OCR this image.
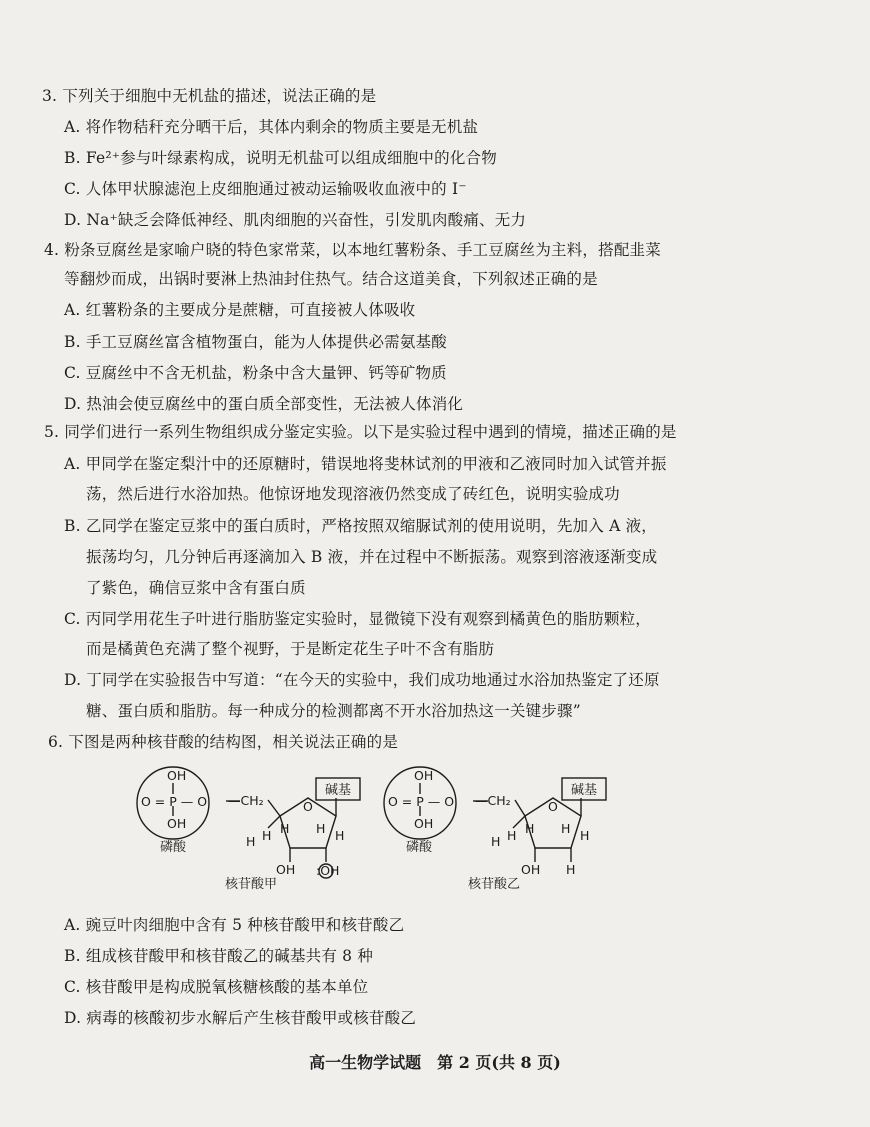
3. 下列关于细胞中无机盐的描述，说法正确的是
A. 将作物秸秆充分晒干后，其体内剩余的物质主要是无机盐
B. Fe²⁺参与叶绿素构成，说明无机盐可以组成细胞中的化合物
C. 人体甲状腺滤泡上皮细胞通过被动运输吸收血液中的 I⁻
D. Na⁺缺乏会降低神经、肌肉细胞的兴奋性，引发肌肉酸痛、无力
4. 粉条豆腐丝是家喻户晓的特色家常菜，以本地红薯粉条、手工豆腐丝为主料，搭配韭菜
等翻炒而成，出锅时要淋上热油封住热气。结合这道美食，下列叙述正确的是
A. 红薯粉条的主要成分是蔗糖，可直接被人体吸收
B. 手工豆腐丝富含植物蛋白，能为人体提供必需氨基酸
C. 豆腐丝中不含无机盐，粉条中含大量钾、钙等矿物质
D. 热油会使豆腐丝中的蛋白质全部变性，无法被人体消化
5. 同学们进行一系列生物组织成分鉴定实验。以下是实验过程中遇到的情境，描述正确的是
A. 甲同学在鉴定梨汁中的还原糖时，错误地将斐林试剂的甲液和乙液同时加入试管并振
荡，然后进行水浴加热。他惊讶地发现溶液仍然变成了砖红色，说明实验成功
B. 乙同学在鉴定豆浆中的蛋白质时，严格按照双缩脲试剂的使用说明，先加入 A 液，
振荡均匀，几分钟后再逐滴加入 B 液，并在过程中不断振荡。观察到溶液逐渐变成
了紫色，确信豆浆中含有蛋白质
C. 丙同学用花生子叶进行脂肪鉴定实验时，显微镜下没有观察到橘黄色的脂肪颗粒，
而是橘黄色充满了整个视野，于是断定花生子叶不含有脂肪
D. 丁同学在实验报告中写道：“在今天的实验中，我们成功地通过水浴加热鉴定了还原
糖、蛋白质和脂肪。每一种成分的检测都离不开水浴加热这一关键步骤”
6. 下图是两种核苷酸的结构图，相关说法正确的是
OH
O = P — O
OH
—CH₂	O
碱基
磷酸
H H H H
H
OH :OH
核苷酸甲
OH
O = P — O
OH
—CH₂	O
碱基
磷酸
H H H H
H
OH H
核苷酸乙
A. 豌豆叶肉细胞中含有 5 种核苷酸甲和核苷酸乙
B. 组成核苷酸甲和核苷酸乙的碱基共有 8 种
C. 核苷酸甲是构成脱氧核糖核酸的基本单位
D. 病毒的核酸初步水解后产生核苷酸甲或核苷酸乙
高一生物学试题　第 2 页(共 8 页)
